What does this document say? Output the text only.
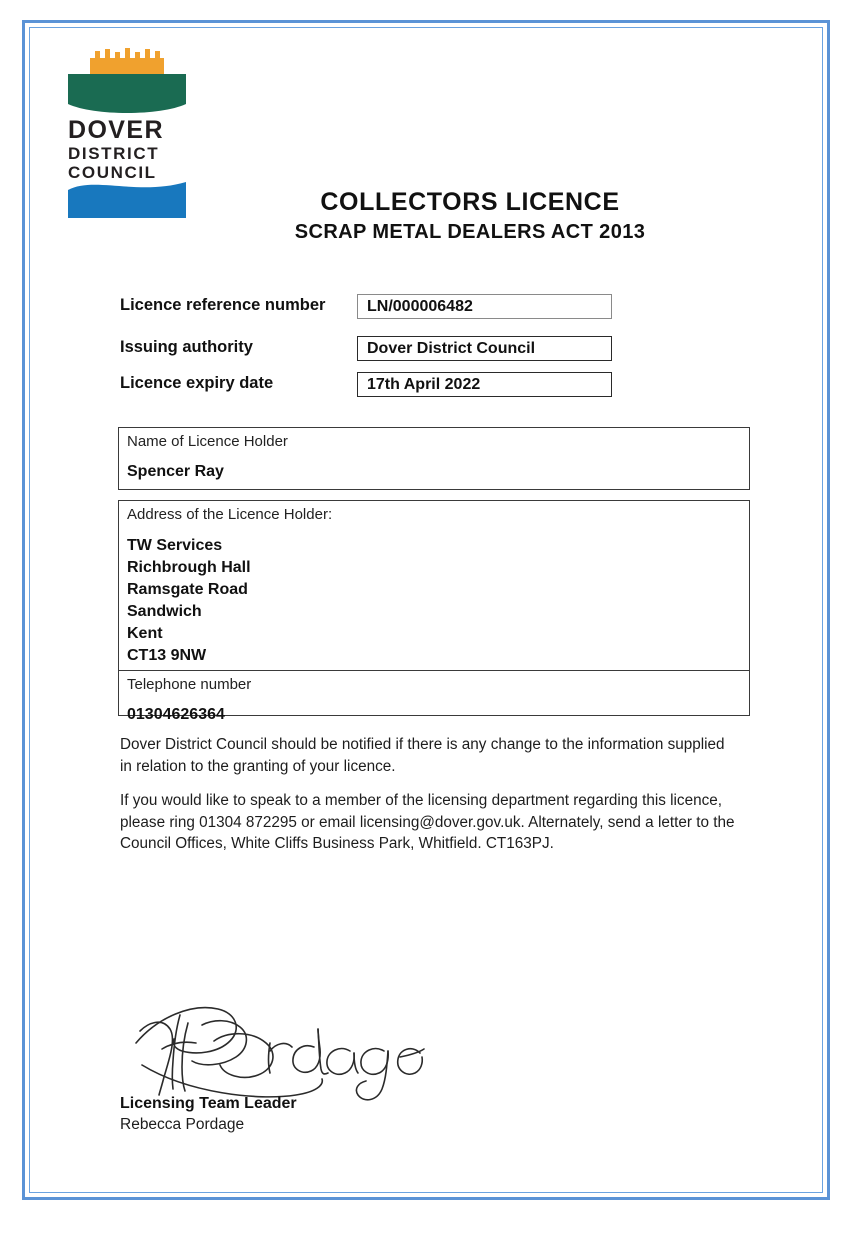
DOVER
DISTRICT
COUNCIL
COLLECTORS LICENCE
SCRAP METAL DEALERS ACT 2013
Licence reference number	LN/000006482
Issuing authority	Dover District Council
Licence expiry date	17th April 2022
Name of Licence Holder
Spencer Ray
Address of the Licence Holder:
TW Services
Richbrough Hall
Ramsgate Road
Sandwich
Kent
CT13 9NW
Telephone number
01304626364
Dover District Council should be notified if there is any change to the information supplied in relation to the granting of your licence.
If you would like to speak to a member of the licensing department regarding this licence, please ring 01304 872295 or email licensing@dover.gov.uk. Alternately, send a letter to the Council Offices, White Cliffs Business Park, Whitfield. CT163PJ.
Licensing Team Leader
Rebecca Pordage
